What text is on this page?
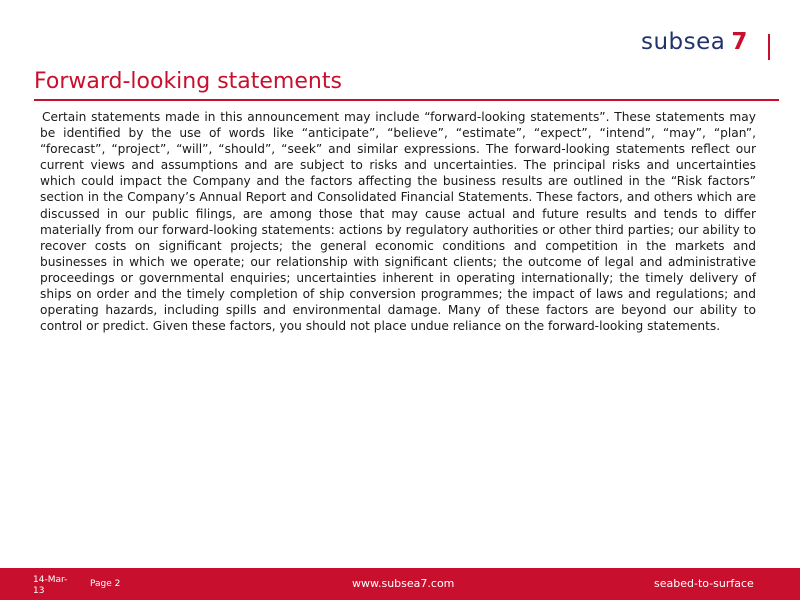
subsea 7
Forward-looking statements
Certain statements made in this announcement may include “forward-looking statements”. These statements may be identified by the use of words like “anticipate”, “believe”, “estimate”, “expect”, “intend”, “may”, “plan”, “forecast”, “project”, “will”, “should”, “seek” and similar expressions. The forward-looking statements reflect our current views and assumptions and are subject to risks and uncertainties. The principal risks and uncertainties which could impact the Company and the factors affecting the business results are outlined in the “Risk factors” section in the Company’s Annual Report and Consolidated Financial Statements. These factors, and others which are discussed in our public filings, are among those that may cause actual and future results and tends to differ materially from our forward-looking statements: actions by regulatory authorities or other third parties; our ability to recover costs on significant projects; the general economic conditions and competition in the markets and businesses in which we operate; our relationship with significant clients; the outcome of legal and administrative proceedings or governmental enquiries; uncertainties inherent in operating internationally; the timely delivery of ships on order and the timely completion of ship conversion programmes; the impact of laws and regulations; and operating hazards, including spills and environmental damage. Many of these factors are beyond our ability to control or predict. Given these factors, you should not place undue reliance on the forward-looking statements.
14-Mar-13
Page 2	www.subsea7.com	seabed-to-surface
